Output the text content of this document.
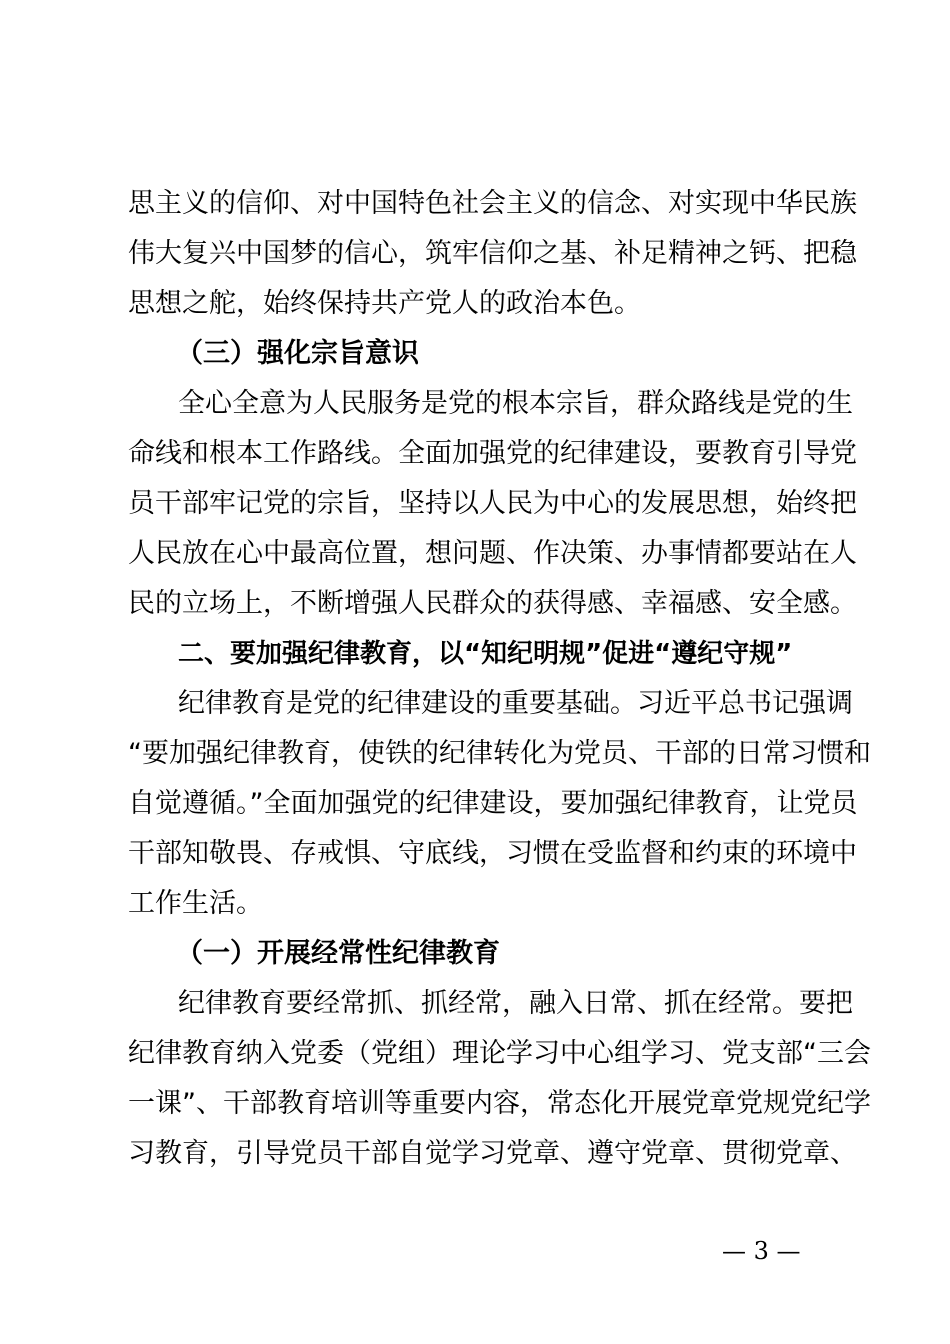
思主义的信仰、对中国特色社会主义的信念、对实现中华民族
伟大复兴中国梦的信心，筑牢信仰之基、补足精神之钙、把稳
思想之舵，始终保持共产党人的政治本色。
（三）强化宗旨意识
全心全意为人民服务是党的根本宗旨，群众路线是党的生
命线和根本工作路线。全面加强党的纪律建设，要教育引导党
员干部牢记党的宗旨，坚持以人民为中心的发展思想，始终把
人民放在心中最高位置，想问题、作决策、办事情都要站在人
民的立场上，不断增强人民群众的获得感、幸福感、安全感。
二、要加强纪律教育，以“知纪明规”促进“遵纪守规”
纪律教育是党的纪律建设的重要基础。习近平总书记强调
“要加强纪律教育，使铁的纪律转化为党员、干部的日常习惯和
自觉遵循。”全面加强党的纪律建设，要加强纪律教育，让党员
干部知敬畏、存戒惧、守底线，习惯在受监督和约束的环境中
工作生活。
（一）开展经常性纪律教育
纪律教育要经常抓、抓经常，融入日常、抓在经常。要把
纪律教育纳入党委（党组）理论学习中心组学习、党支部“三会
一课”、干部教育培训等重要内容，常态化开展党章党规党纪学
习教育，引导党员干部自觉学习党章、遵守党章、贯彻党章、
— 3 —
